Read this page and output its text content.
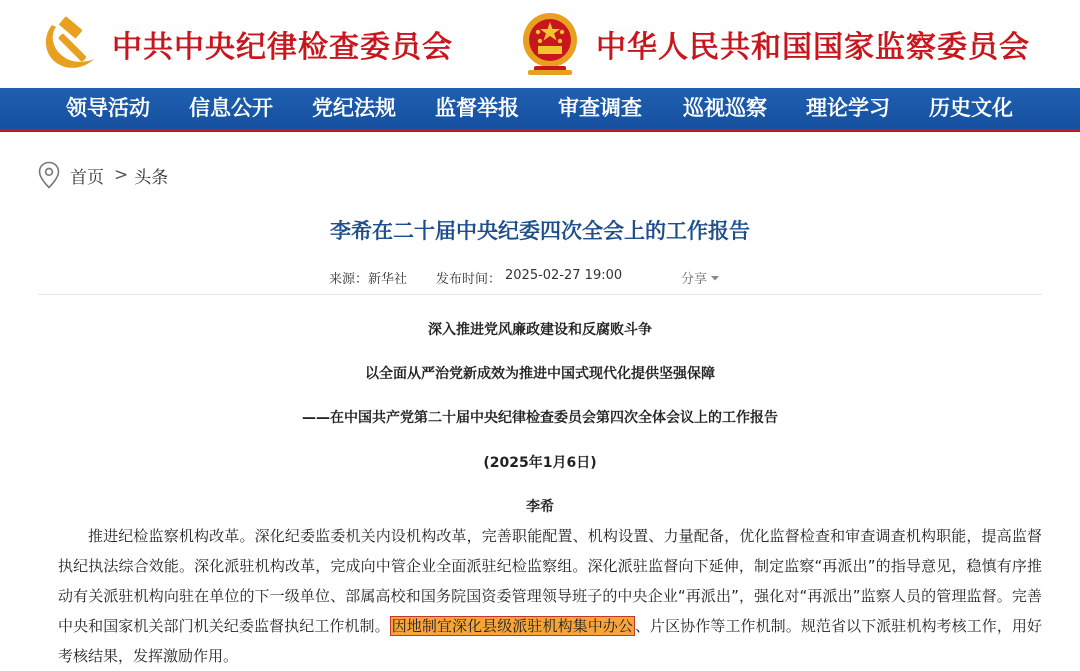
中共中央纪律检查委员会	中华人民共和国国家监察委员会
领导活动 信息公开 党纪法规 监督举报 审查调查 巡视巡察 理论学习 历史文化
首页 > 头条
李希在二十届中央纪委四次全会上的工作报告
来源：新华社 发布时间： 2025-02-27 19:00	分享
深入推进党风廉政建设和反腐败斗争
以全面从严治党新成效为推进中国式现代化提供坚强保障
——在中国共产党第二十届中央纪律检查委员会第四次全体会议上的工作报告
(2025年1月6日)
李希
推进纪检监察机构改革。深化纪委监委机关内设机构改革，完善职能配置、机构设置、力量配备，优化监督检查和审查调查机构职能，提高监督执纪执法综合效能。深化派驻机构改革，完成向中管企业全面派驻纪检监察组。深化派驻监督向下延伸，制定监察“再派出”的指导意见，稳慎有序推动有关派驻机构向驻在单位的下一级单位、部属高校和国务院国资委管理领导班子的中央企业“再派出”，强化对“再派出”监察人员的管理监督。完善中央和国家机关部门机关纪委监督执纪工作机制。 因地制宜深化县级派驻机构集中办公 、片区协作等工作机制。规范省以下派驻机构考核工作，用好考核结果，发挥激励作用。
